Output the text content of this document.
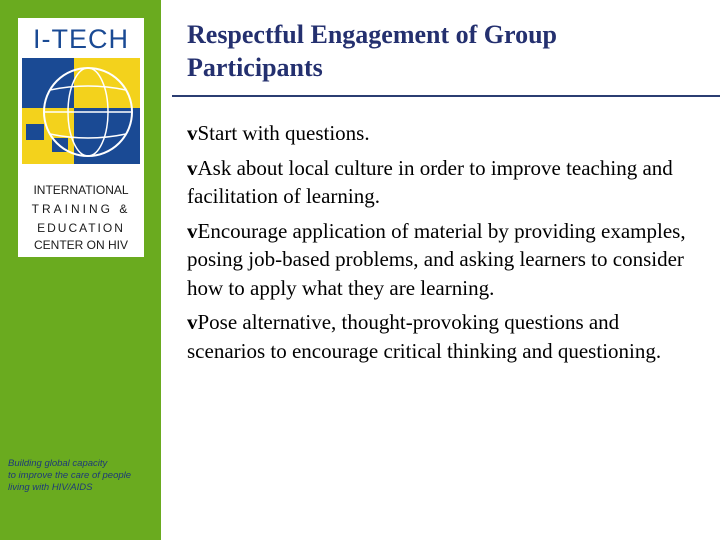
I-TECH
INTERNATIONAL
TRAINING &
EDUCATION
CENTER ON HIV
Building global capacity
to improve the care of people
living with HIV/AIDS
Respectful Engagement of Group Participants
vStart with questions.
vAsk about local culture in order to improve teaching and facilitation of learning.
vEncourage application of material by providing examples, posing job-based problems, and asking learners to consider how to apply what they are learning.
vPose alternative, thought-provoking questions and scenarios to encourage critical thinking and questioning.
